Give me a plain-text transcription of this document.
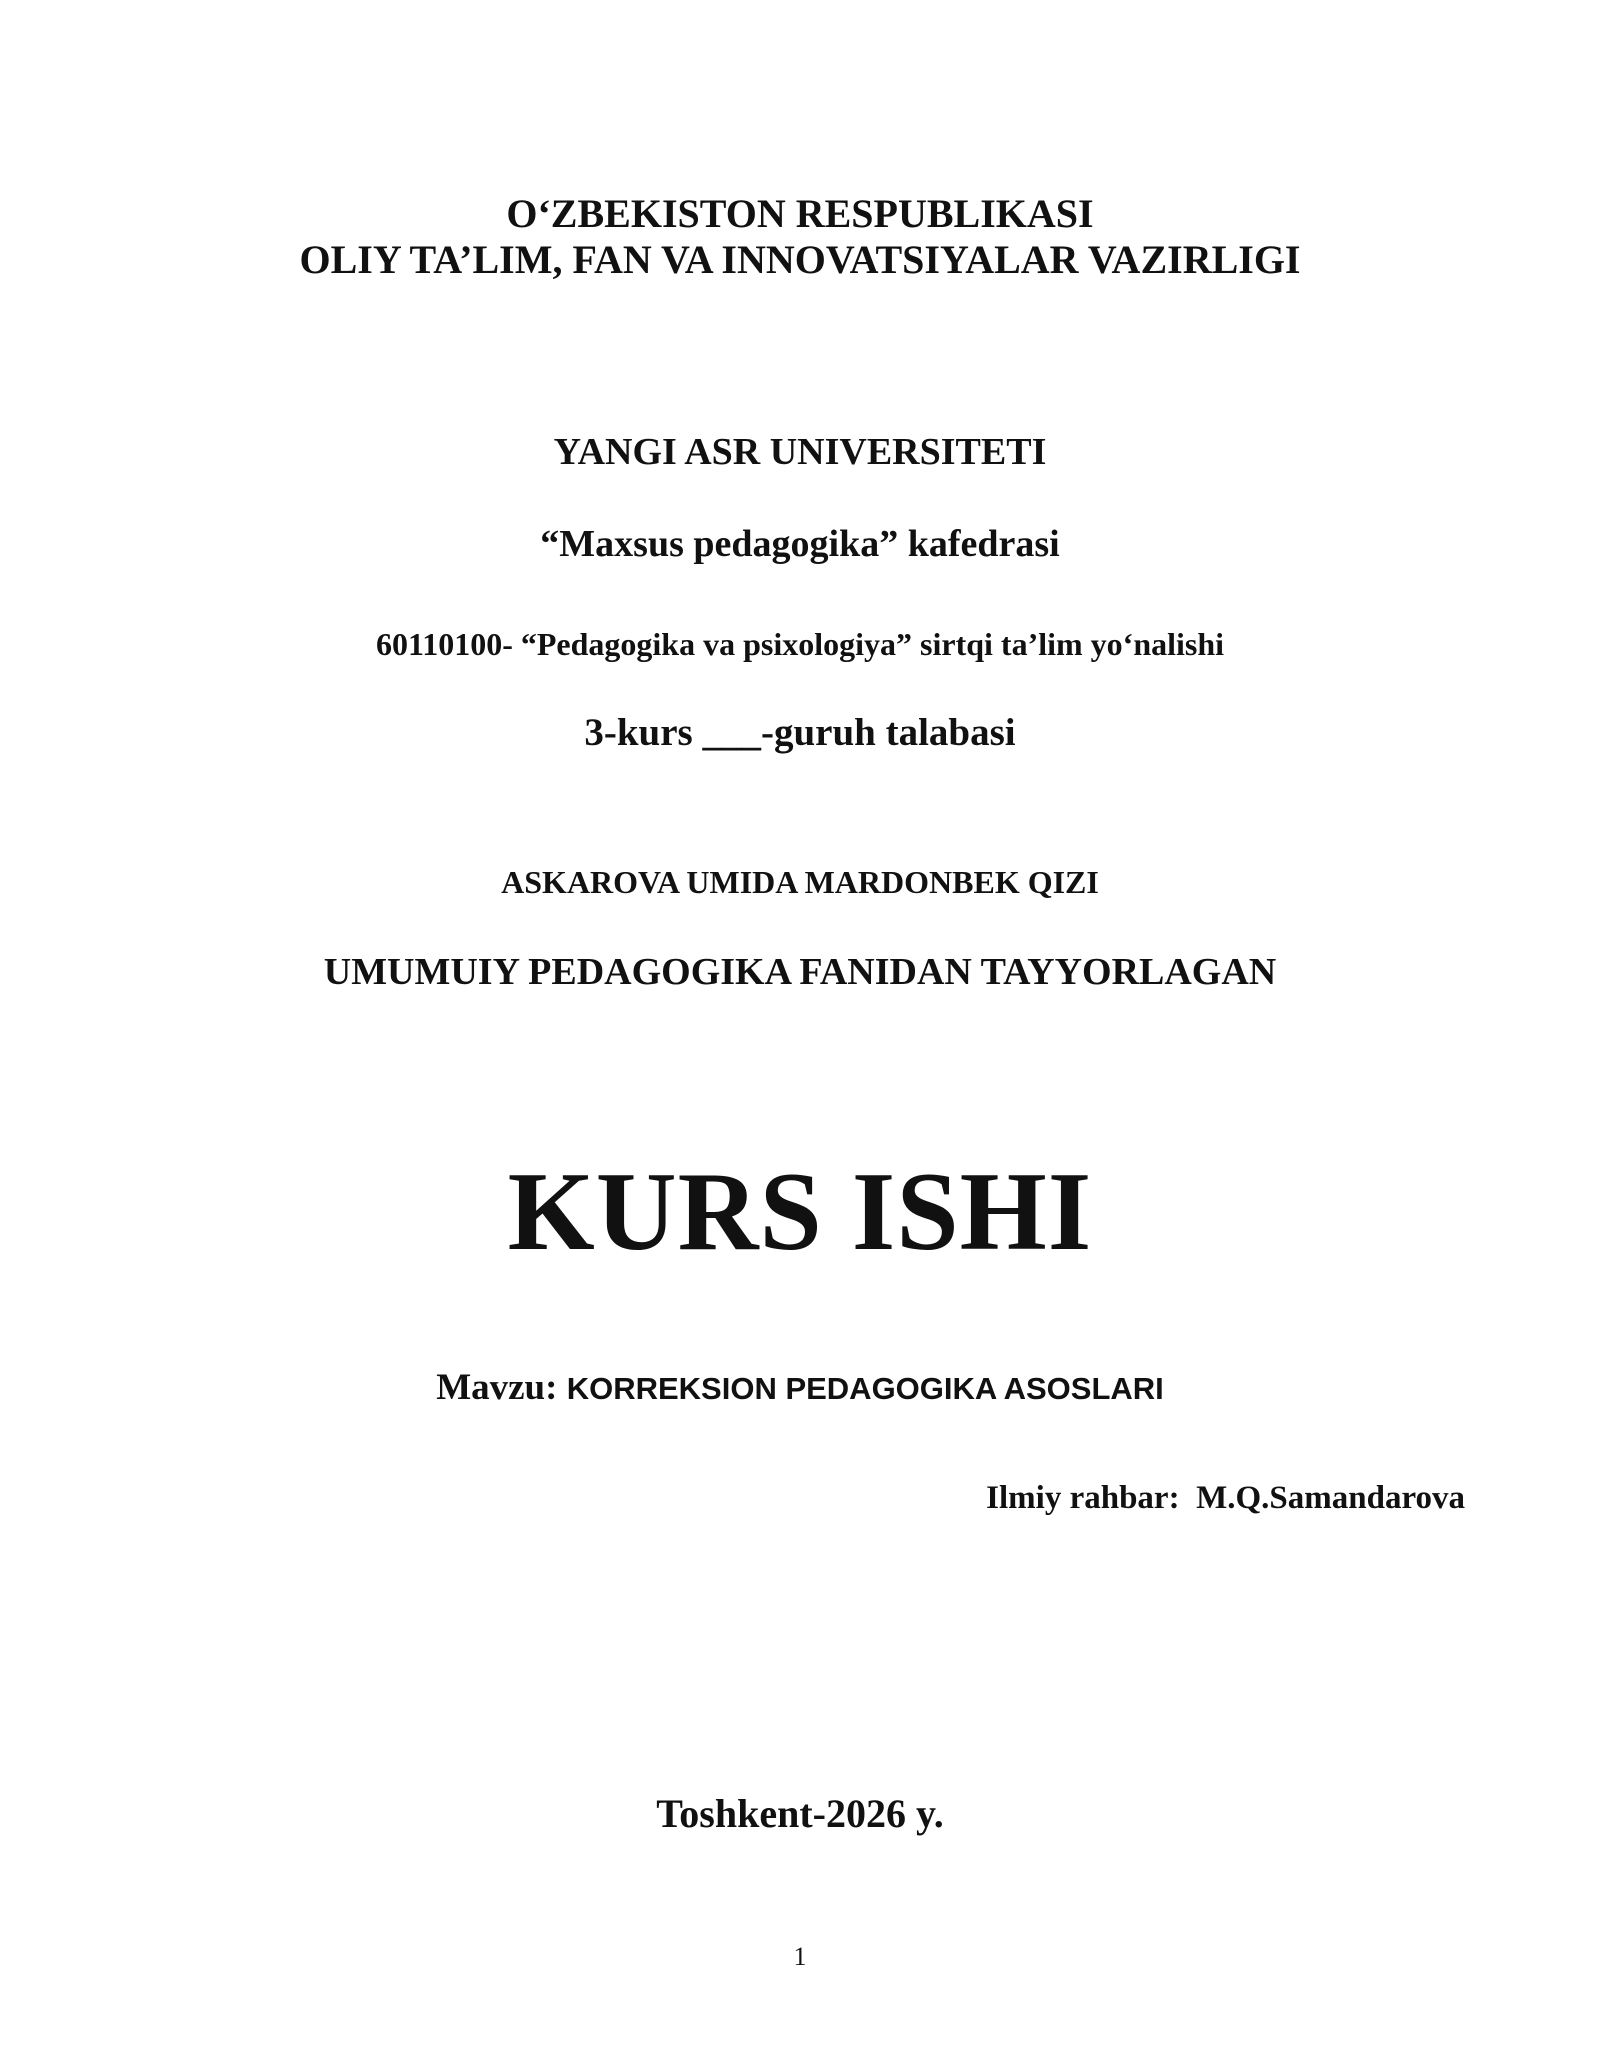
O‘ZBEKISTON RESPUBLIKASI
OLIY TA’LIM, FAN VA INNOVATSIYALAR VAZIRLIGI
YANGI ASR UNIVERSITETI
“Maxsus pedagogika” kafedrasi
60110100- “Pedagogika va psixologiya” sirtqi ta’lim yo‘nalishi
3-kurs ___-guruh talabasi
ASKAROVA UMIDA MARDONBEK QIZI
UMUMUIY PEDAGOGIKA FANIDAN TAYYORLAGAN
KURS ISHI
Mavzu: KORREKSION PEDAGOGIKA ASOSLARI
Ilmiy rahbar:  M.Q.Samandarova
Toshkent-2026 y.
1
